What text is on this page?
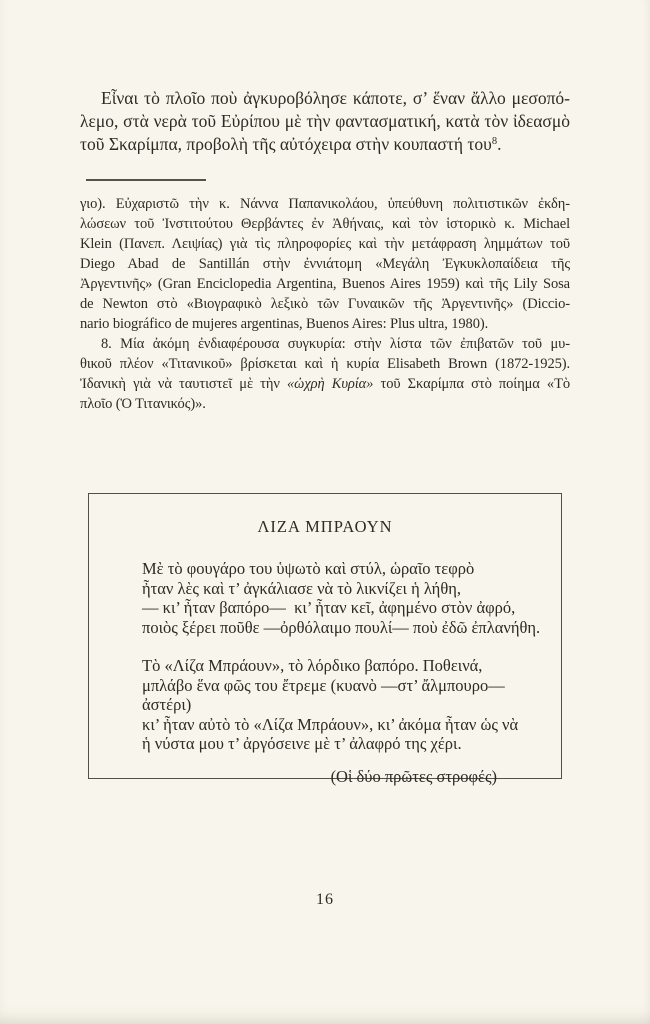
Εἶναι τὸ πλοῖο ποὺ ἀγκυροβόλησε κάποτε, σ’ ἕναν ἄλλο μεσοπό-
λεμο, στὰ νερὰ τοῦ Εὐρίπου μὲ τὴν φαντασματική, κατὰ τὸν ἰδεασμὸ
τοῦ Σκαρίμπα, προβολὴ τῆς αὐτόχειρα στὴν κουπαστή του$^8$.
γιο). Εὐχαριστῶ τὴν κ. Νάννα Παπανικολάου, ὑπεύθυνη πολιτιστικῶν ἐκδη-
λώσεων τοῦ Ἰνστιτούτου Θερβάντες ἐν Ἀθήναις, καὶ τὸν ἱστορικὸ κ. Michael
Klein (Πανεπ. Λειψίας) γιὰ τὶς πληροφορίες καὶ τὴν μετάφραση λημμάτων τοῦ
Diego Abad de Santillán στὴν ἐννιάτομη «Μεγάλη Ἐγκυκλοπαίδεια τῆς
Ἀργεντινῆς» (Gran Enciclopedia Argentina, Buenos Aires 1959) καὶ τῆς Lily Sosa
de Newton στὸ «Βιογραφικὸ λεξικὸ τῶν Γυναικῶν τῆς Ἀργεντινῆς» (Diccio-
nario biográfico de mujeres argentinas, Buenos Aires: Plus ultra, 1980).
8. Μία ἀκόμη ἐνδιαφέρουσα συγκυρία: στὴν λίστα τῶν ἐπιβατῶν τοῦ μυ-
θικοῦ πλέον «Τιτανικοῦ» βρίσκεται καὶ ἡ κυρία Elisabeth Brown (1872-1925).
Ἰδανικὴ γιὰ νὰ ταυτιστεῖ μὲ τὴν «ὠχρὴ Κυρία» τοῦ Σκαρίμπα στὸ ποίημα «Τὸ
πλοῖο (Ὁ Τιτανικός)».
ΛΙΖΑ ΜΠΡΑΟΥΝ
Μὲ τὸ φουγάρο του ὑψωτὸ καὶ στύλ, ὡραῖο τεφρὸ
ἦταν λὲς καὶ τ’ ἀγκάλιασε νὰ τὸ λικνίζει ἡ λήθη,
— κι’ ἦταν βαπόρο—  κι’ ἦταν κεῖ, ἀφημένο στὸν ἀφρό,
ποιὸς ξέρει ποῦθε —ὀρθόλαιμο πουλί— ποὺ ἐδῶ ἐπλανήθη.
Τὸ «Λίζα Μπράουν», τὸ λόρδικο βαπόρο. Ποθεινά,
μπλάβο ἕνα φῶς του ἔτρεμε (κυανὸ —στ’ ἄλμπουρο— ἀστέρι)
κι’ ἦταν αὐτὸ τὸ «Λίζα Μπράουν», κι’ ἀκόμα ἦταν ὡς νὰ
ἡ νύστα μου τ’ ἀργόσεινε μὲ τ’ ἀλαφρό της χέρι.
(Οἱ δύο πρῶτες στροφές)
16
